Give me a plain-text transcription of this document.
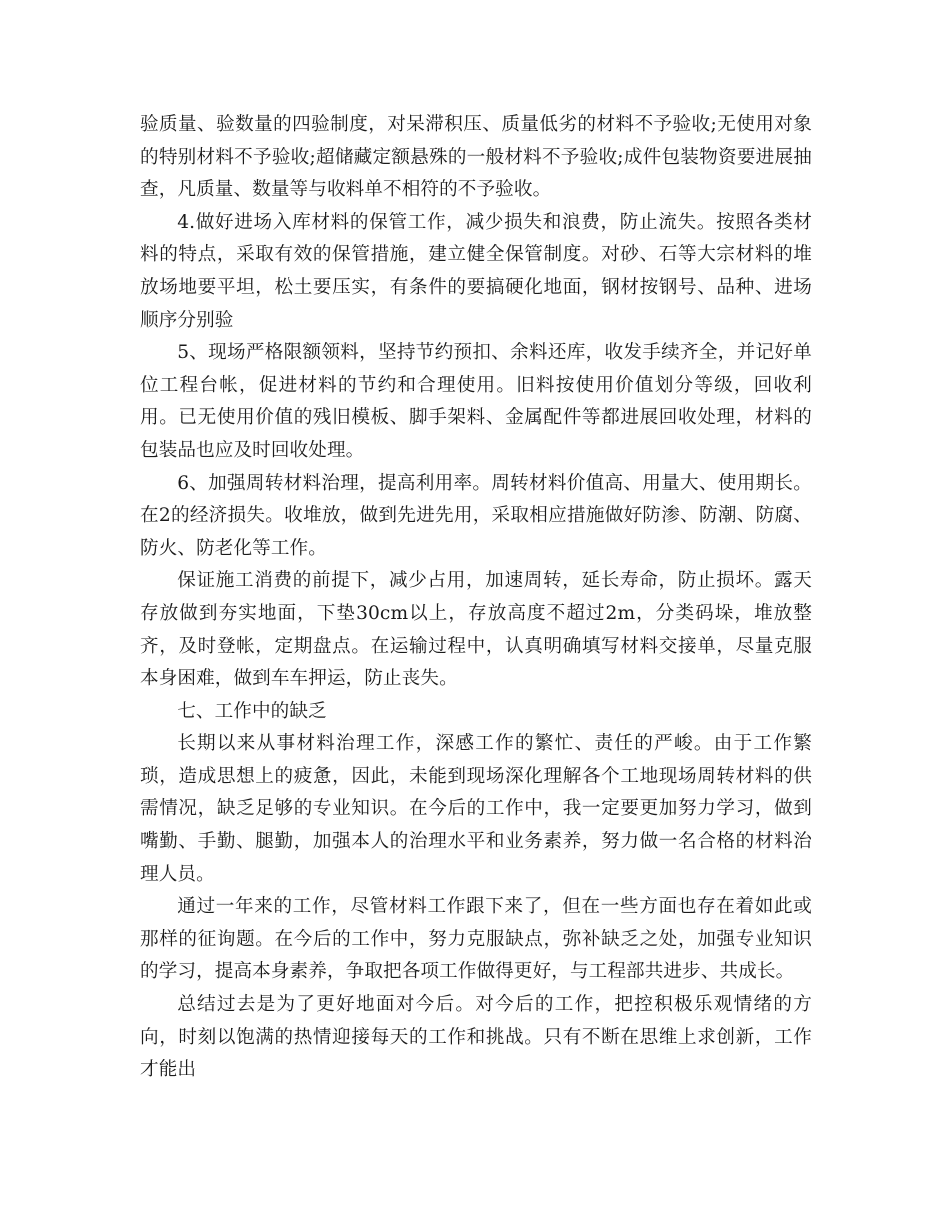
验质量、验数量的四验制度，对呆滞积压、质量低劣的材料不予验收;无使用对象的特别材料不予验收;超储藏定额悬殊的一般材料不予验收;成件包装物资要进展抽查，凡质量、数量等与收料单不相符的不予验收。

4.做好进场入库材料的保管工作，减少损失和浪费，防止流失。按照各类材料的特点，采取有效的保管措施，建立健全保管制度。对砂、石等大宗材料的堆放场地要平坦，松土要压实，有条件的要搞硬化地面，钢材按钢号、品种、进场顺序分别验

5、现场严格限额领料，坚持节约预扣、余料还库，收发手续齐全，并记好单位工程台帐，促进材料的节约和合理使用。旧料按使用价值划分等级，回收利用。已无使用价值的残旧模板、脚手架料、金属配件等都进展回收处理，材料的包装品也应及时回收处理。

6、加强周转材料治理，提高利用率。周转材料价值高、用量大、使用期长。在2的经济损失。收堆放，做到先进先用，采取相应措施做好防渗、防潮、防腐、防火、防老化等工作。

保证施工消费的前提下，减少占用，加速周转，延长寿命，防止损坏。露天存放做到夯实地面，下垫30cm以上，存放高度不超过2m，分类码垛，堆放整齐，及时登帐，定期盘点。在运输过程中，认真明确填写材料交接单，尽量克服本身困难，做到车车押运，防止丧失。

七、工作中的缺乏

长期以来从事材料治理工作，深感工作的繁忙、责任的严峻。由于工作繁琐，造成思想上的疲惫，因此，未能到现场深化理解各个工地现场周转材料的供需情况，缺乏足够的专业知识。在今后的工作中，我一定要更加努力学习，做到嘴勤、手勤、腿勤，加强本人的治理水平和业务素养，努力做一名合格的材料治理人员。

通过一年来的工作，尽管材料工作跟下来了，但在一些方面也存在着如此或那样的征询题。在今后的工作中，努力克服缺点，弥补缺乏之处，加强专业知识的学习，提高本身素养，争取把各项工作做得更好，与工程部共进步、共成长。

总结过去是为了更好地面对今后。对今后的工作，把控积极乐观情绪的方向，时刻以饱满的热情迎接每天的工作和挑战。只有不断在思维上求创新，工作才能出
